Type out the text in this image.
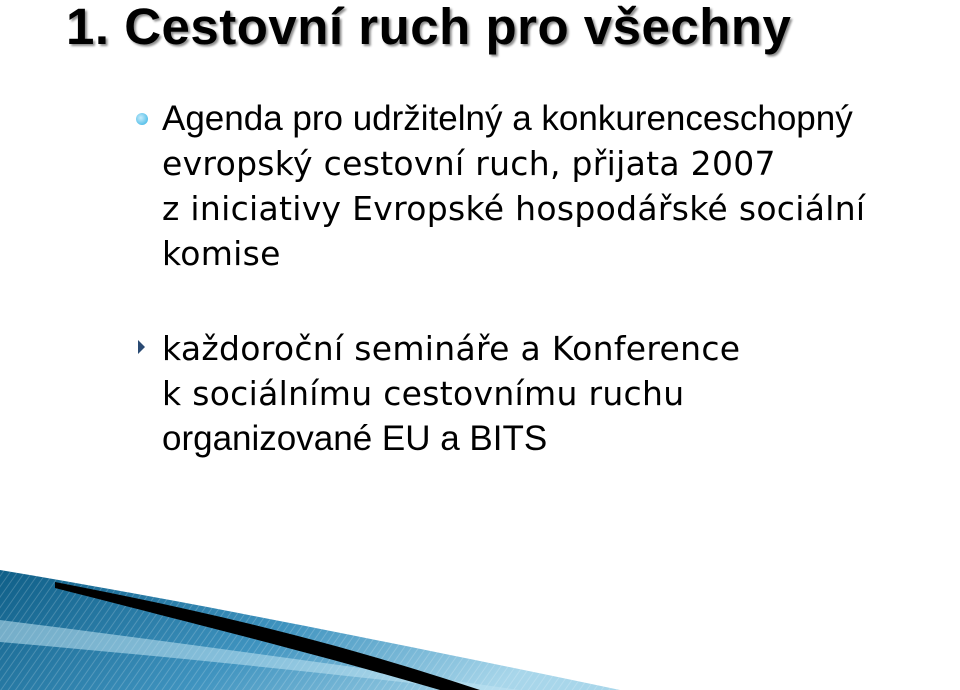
1. Cestovní ruch pro všechny
Agenda pro udržitelný a konkurenceschopný
evropský cestovní ruch, přijata 2007
z iniciativy Evropské hospodářské sociální
komise
každoroční semináře a Konference
k sociálnímu cestovnímu ruchu
organizované EU a BITS
